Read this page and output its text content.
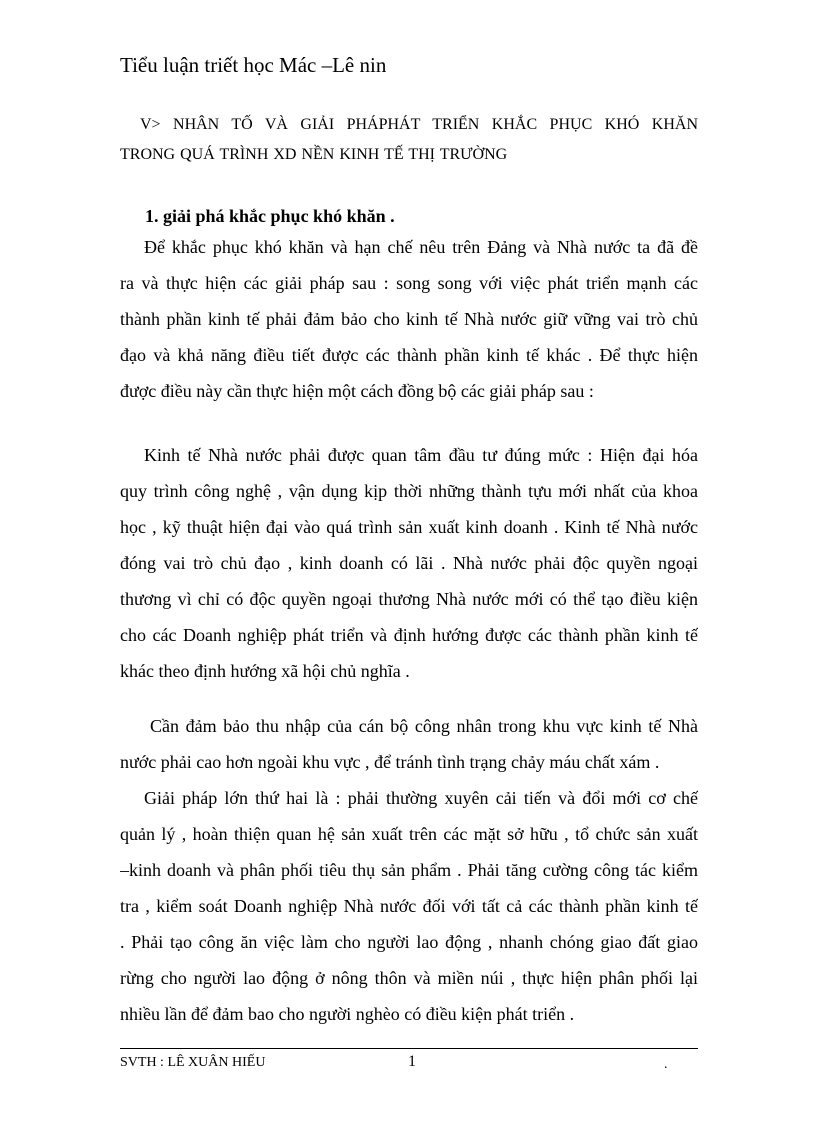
Tiểu luận triết học Mác –Lê nin
V> NHÂN TỐ VÀ GIẢI PHÁPHÁT TRIỂN KHẮC PHỤC KHÓ KHĂN
TRONG QUÁ TRÌNH XD NỀN KINH TẾ THỊ TRƯỜNG
1. giải phá khắc phục khó khăn .
Để khắc phục khó khăn và hạn chế nêu trên Đảng và Nhà nước ta đã đề
ra và thực hiện các giải pháp sau : song song với việc phát triển mạnh các
thành phần kinh tế phải đảm bảo cho kinh tế Nhà nước giữ vững vai trò chủ
đạo và khả năng điều tiết được các thành phần kinh tế khác . Để thực hiện
được điều này cần thực hiện một cách đồng bộ các giải pháp sau :
Kinh tế Nhà nước phải được quan tâm đầu tư đúng mức : Hiện đại hóa
quy trình công nghệ , vận dụng kịp thời những thành tựu mới nhất của khoa
học , kỹ thuật hiện đại vào quá trình sản xuất kinh doanh . Kinh tế Nhà nước
đóng vai trò chủ đạo , kinh doanh có lãi . Nhà nước phải độc quyền ngoại
thương vì chỉ có độc quyền ngoại thương Nhà nước mới có thể tạo điều kiện
cho các Doanh nghiệp phát triển và định hướng được các thành phần kinh tế
khác theo định hướng xã hội chủ nghĩa .
Cần đảm bảo thu nhập của cán bộ công nhân trong khu vực kinh tế Nhà
nước phải cao hơn ngoài khu vực , để tránh tình trạng chảy máu chất xám .
Giải pháp lớn thứ hai là : phải thường xuyên cải tiến và đổi mới cơ chế
quản lý , hoàn thiện quan hệ sản xuất trên các mặt sở hữu , tổ chức sản xuất
–kinh doanh và phân phối tiêu thụ sản phẩm . Phải tăng cường công tác kiểm
tra , kiểm soát Doanh nghiệp Nhà nước đối với tất cả các thành phần kinh tế
. Phải tạo công ăn việc làm cho người lao động , nhanh chóng giao đất giao
rừng cho người lao động ở nông thôn và miền núi , thực hiện phân phối lại
nhiều lần để đảm bao cho người nghèo có điều kiện phát triển .
SVTH : LÊ XUÂN HIẾU	1	.
